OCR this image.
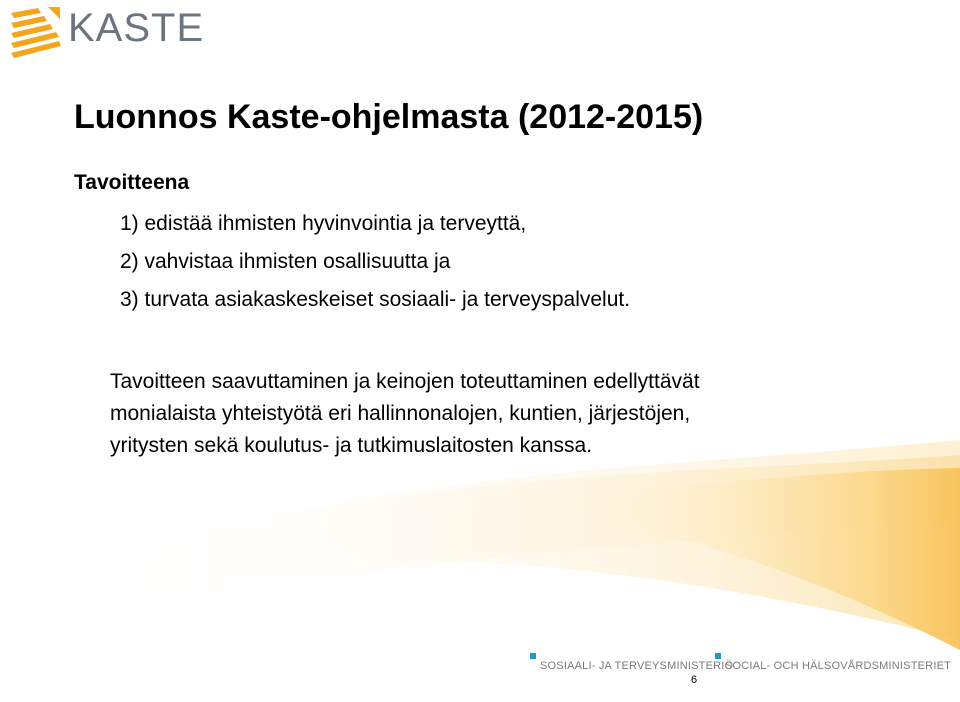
KASTE
Luonnos Kaste-ohjelmasta (2012-2015)
Tavoitteena
1) edistää ihmisten hyvinvointia ja terveyttä,
2) vahvistaa ihmisten osallisuutta ja
3) turvata asiakaskeskeiset sosiaali- ja terveyspalvelut.

Tavoitteen saavuttaminen ja keinojen toteuttaminen edellyttävät
monialaista yhteistyötä eri hallinnonalojen, kuntien, järjestöjen,
yritysten sekä koulutus- ja tutkimuslaitosten kanssa.

SOSIAALI- JA TERVEYSMINISTERIÖ
SOCIAL- OCH HÄLSOVÅRDSMINISTERIET
6
